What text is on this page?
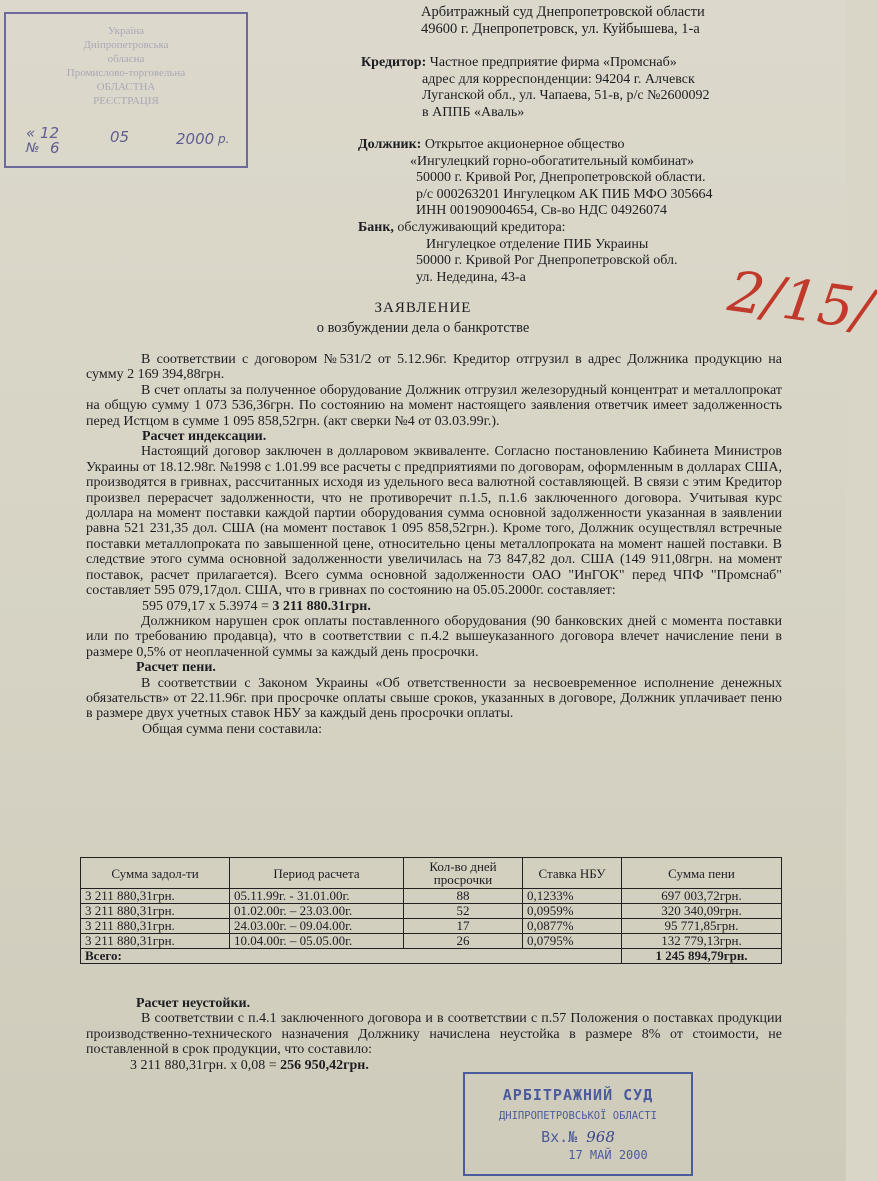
Україна
Дніпропетровська
обласна
Промислово-торговельна
ОБЛАСТНА
РЕЄСТРАЦІЯ
« 12	05	2000 р.
№ 6
Арбитражный суд Днепропетровской области
49600 г. Днепропетровск, ул. Куйбышева, 1-а
Кредитор: Частное предприятие фирма «Промснаб»
адрес для корреспонденции: 94204 г. Алчевск
Луганской обл., ул. Чапаева, 51-в, р/с №2600092
в АППБ «Аваль»
Должник: Открытое акционерное общество
«Ингулецкий горно-обогатительный комбинат»
50000 г. Кривой Рог, Днепропетровской области.
р/с 000263201 Ингулецком АК ПИБ МФО 305664
ИНН 001909004654, Св-во НДС 04926074
Банк, обслуживающий кредитора:
Ингулецкое отделение ПИБ Украины
50000 г. Кривой Рог Днепропетровской обл.
ул. Недедина, 43-а	2/15/
ЗАЯВЛЕНИЕ
о возбуждении дела о банкротстве
В соответствии с договором №531/2 от 5.12.96г. Кредитор отгрузил в адрес Должника продукцию на сумму 2 169 394,88грн.
В счет оплаты за полученное оборудование Должник отгрузил железорудный концентрат и металлопрокат на общую сумму 1 073 536,36грн. По состоянию на момент настоящего заявления ответчик имеет задолженность перед Истцом в сумме 1 095 858,52грн. (акт сверки №4 от 03.03.99г.).
Расчет индексации.
Настоящий договор заключен в долларовом эквиваленте. Согласно постановлению Кабинета Министров Украины от 18.12.98г. №1998 с 1.01.99 все расчеты с предприятиями по договорам, оформленным в долларах США, производятся в гривнах, рассчитанных исходя из удельного веса валютной составляющей. В связи с этим Кредитор произвел перерасчет задолженности, что не противоречит п.1.5, п.1.6 заключенного договора. Учитывая курс доллара на момент поставки каждой партии оборудования сумма основной задолженности указанная в заявлении равна 521 231,35 дол. США (на момент поставок 1 095 858,52грн.). Кроме того, Должник осуществлял встречные поставки металлопроката по завышенной цене, относительно цены металлопроката на момент нашей поставки. В следствие этого сумма основной задолженности увеличилась на 73 847,82 дол. США (149 911,08грн. на момент поставок, расчет прилагается). Всего сумма основной задолженности ОАО "ИнГОК" перед ЧПФ "Промснаб" составляет 595 079,17дол. США, что в гривнах по состоянию на 05.05.2000г. составляет:
595 079,17 x 5.3974 = 3 211 880.31грн.
Должником нарушен срок оплаты поставленного оборудования (90 банковских дней с момента поставки или по требованию продавца), что в соответствии с п.4.2 вышеуказанного договора влечет начисление пени в размере 0,5% от неоплаченной суммы за каждый день просрочки.
Расчет пени.
В соответствии с Законом Украины «Об ответственности за несвоевременное исполнение денежных обязательств» от 22.11.96г. при просрочке оплаты свыше сроков, указанных в договоре, Должник уплачивает пеню в размере двух учетных ставок НБУ за каждый день просрочки оплаты.
Общая сумма пени составила:
Сумма задол-ти	Период расчета	Кол-во дней просрочки	Ставка НБУ	Сумма пени
3 211 880,31грн.	05.11.99г. - 31.01.00г.	88	0,1233%	697 003,72грн.
3 211 880,31грн.	01.02.00г. – 23.03.00г.	52	0,0959%	320 340,09грн.
3 211 880,31грн.	24.03.00г. – 09.04.00г.	17	0,0877%	95 771,85грн.
3 211 880,31грн.	10.04.00г. – 05.05.00г.	26	0,0795%	132 779,13грн.
Всего:				1 245 894,79грн.
Расчет неустойки.
В соответствии с п.4.1 заключенного договора и в соответствии с п.57 Положения о поставках продукции производственно-технического назначения Должнику начислена неустойка в размере 8% от стоимости, не поставленной в срок продукции, что составило:
3 211 880,31грн. x 0,08 = 256 950,42грн.
АРБІТРАЖНИЙ СУД
ДНІПРОПЕТРОВСЬКОЇ ОБЛАСТІ
Вх.№ 968
17 МАЙ 2000
